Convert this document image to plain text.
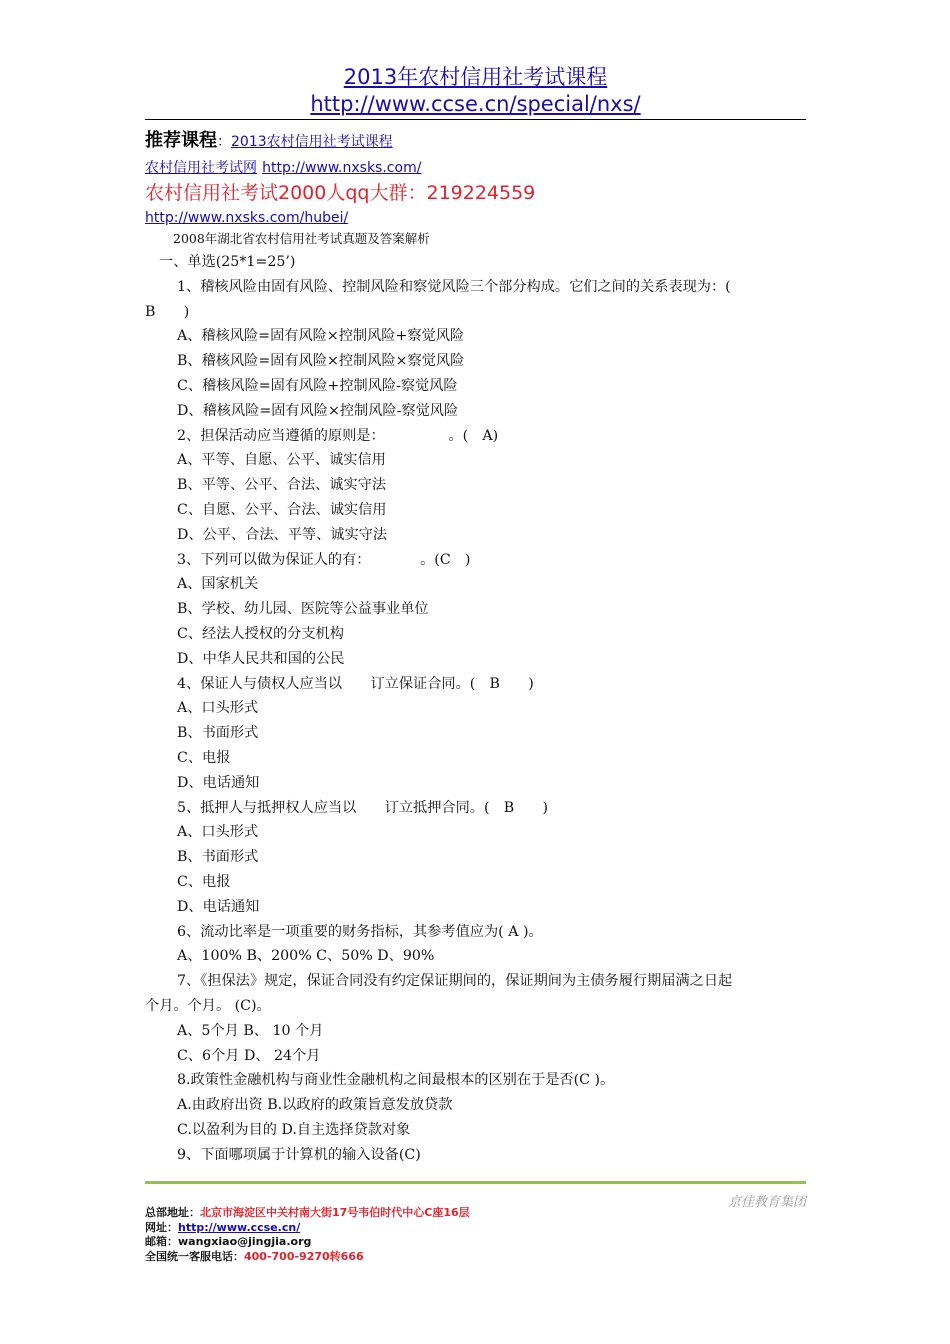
2013年农村信用社考试课程
http://www.ccse.cn/special/nxs/
推荐课程：2013农村信用社考试课程
农村信用社考试网 http://www.nxsks.com/
农村信用社考试2000人qq大群：219224559
http://www.nxsks.com/hubei/
2008年湖北省农村信用社考试真题及答案解析
一、单选(25*1=25’)
1、稽核风险由固有风险、控制风险和察觉风险三个部分构成。它们之间的关系表现为：(
B　　)
A、稽核风险=固有风险×控制风险+察觉风险
B、稽核风险=固有风险×控制风险×察觉风险
C、稽核风险=固有风险+控制风险-察觉风险
D、稽核风险=固有风险×控制风险-察觉风险
2、担保活动应当遵循的原则是：　　　　　。(　A)
A、平等、自愿、公平、诚实信用
B、平等、公平、合法、诚实守法
C、自愿、公平、合法、诚实信用
D、公平、合法、平等、诚实守法
3、下列可以做为保证人的有：　　　　。(C　)
A、国家机关
B、学校、幼儿园、医院等公益事业单位
C、经法人授权的分支机构
D、中华人民共和国的公民
4、保证人与债权人应当以　　订立保证合同。(　B　　)
A、口头形式
B、书面形式
C、电报
D、电话通知
5、抵押人与抵押权人应当以　　订立抵押合同。(　B　　)
A、口头形式
B、书面形式
C、电报
D、电话通知
6、流动比率是一项重要的财务指标，其参考值应为( A )。
A、100% B、200% C、50% D、90%
7、《担保法》规定，保证合同没有约定保证期间的，保证期间为主债务履行期届满之日起
个月。个月。 (C)。
A、5个月 B、 10 个月
C、6个月 D、 24个月
8.政策性金融机构与商业性金融机构之间最根本的区别在于是否(C )。
A.由政府出资 B.以政府的政策旨意发放贷款
C.以盈利为目的 D.自主选择贷款对象
9、下面哪项属于计算机的输入设备(C)
京佳教育集团
总部地址：北京市海淀区中关村南大街17号韦伯时代中心C座16层
网址：http://www.ccse.cn/
邮箱：wangxiao@jingjia.org
全国统一客服电话：400-700-9270转666
